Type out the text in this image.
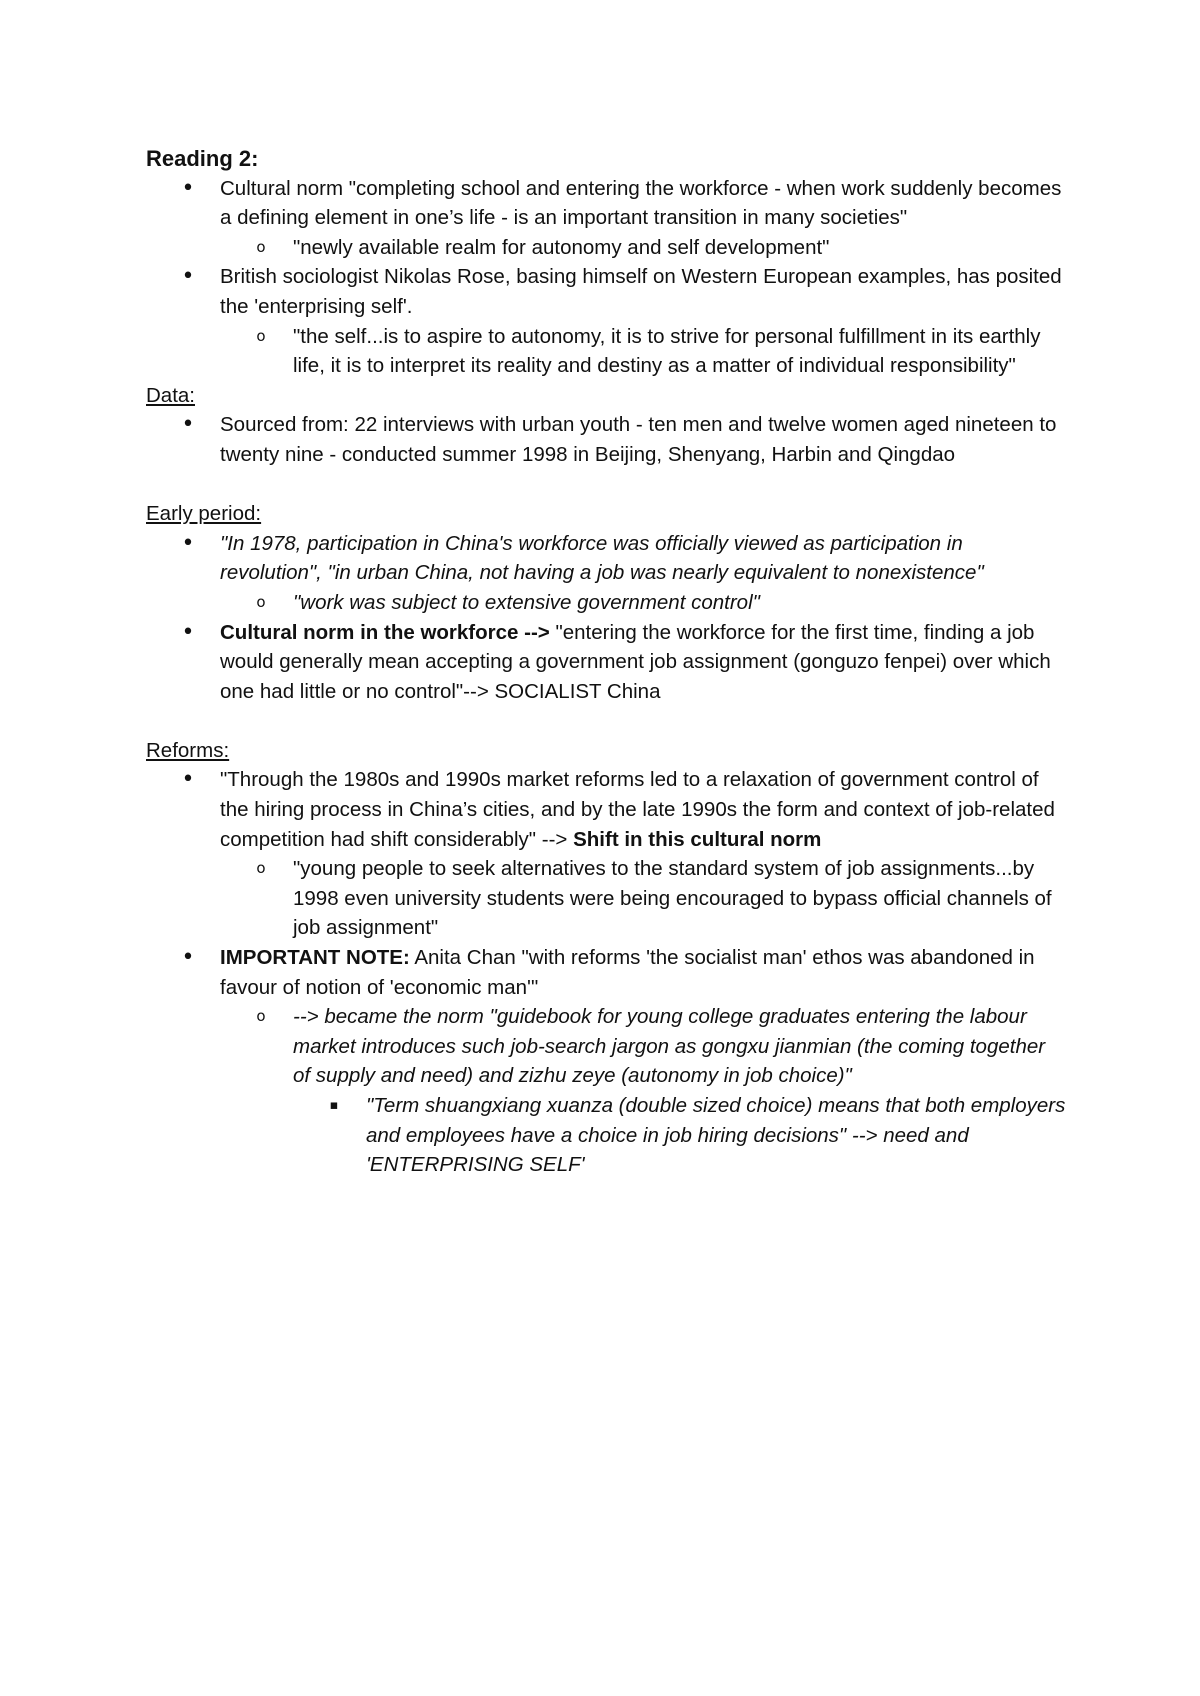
Reading 2:

• Cultural norm "completing school and entering the workforce - when work suddenly becomes a defining element in one’s life - is an important transition in many societies"
o "newly available realm for autonomy and self development"
• British sociologist Nikolas Rose, basing himself on Western European examples, has posited the 'enterprising self'.
o "the self...is to aspire to autonomy, it is to strive for personal fulfillment in its earthly life, it is to interpret its reality and destiny as a matter of individual responsibility"

Data:

• Sourced from: 22 interviews with urban youth - ten men and twelve women aged nineteen to twenty nine - conducted summer 1998 in Beijing, Shenyang, Harbin and Qingdao

Early period:

• "In 1978, participation in China's workforce was officially viewed as participation in revolution", "in urban China, not having a job was nearly equivalent to nonexistence"
o "work was subject to extensive government control"
• Cultural norm in the workforce --> "entering the workforce for the first time, finding a job would generally mean accepting a government job assignment (gonguzo fenpei) over which one had little or no control"--> SOCIALIST China

Reforms:

• "Through the 1980s and 1990s market reforms led to a relaxation of government control of the hiring process in China’s cities, and by the late 1990s the form and context of job-related competition had shift considerably" --> Shift in this cultural norm
o "young people to seek alternatives to the standard system of job assignments...by 1998 even university students were being encouraged to bypass official channels of job assignment"
• IMPORTANT NOTE: Anita Chan "with reforms 'the socialist man' ethos was abandoned in favour of notion of 'economic man'"
o --> became the norm "guidebook for young college graduates entering the labour market introduces such job-search jargon as gongxu jianmian (the coming together of supply and need) and zizhu zeye (autonomy in job choice)"
▪ "Term shuangxiang xuanza (double sized choice) means that both employers and employees have a choice in job hiring decisions" --> need and 'ENTERPRISING SELF'
